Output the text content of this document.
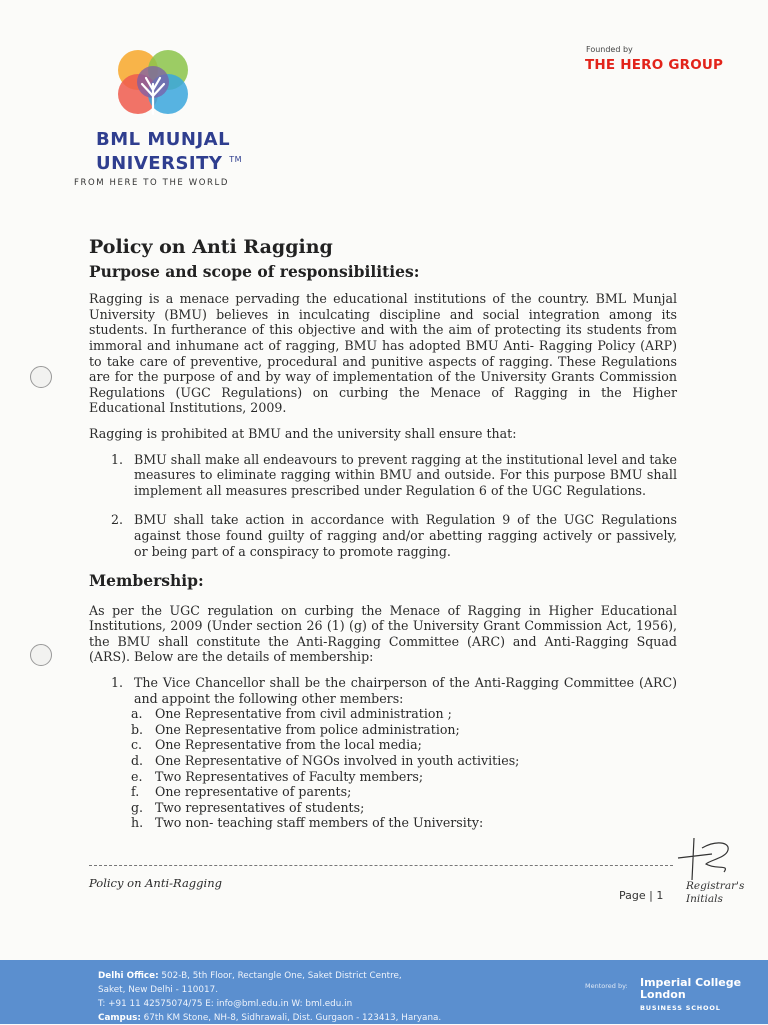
BML MUNJAL
UNIVERSITY ™
FROM HERE TO THE WORLD
Founded by
THE HERO GROUP
Policy on Anti Ragging
Purpose and scope of responsibilities:

Ragging is a menace pervading the educational institutions of the country. BML Munjal University (BMU) believes in inculcating discipline and social integration among its students. In furtherance of this objective and with the aim of protecting its students from immoral and inhumane act of ragging, BMU has adopted BMU Anti- Ragging Policy (ARP) to take care of preventive, procedural and punitive aspects of ragging. These Regulations are for the purpose of and by way of implementation of the University Grants Commission Regulations (UGC Regulations) on curbing the Menace of Ragging in the Higher Educational Institutions, 2009.

Ragging is prohibited at BMU and the university shall ensure that:

1. BMU shall make all endeavours to prevent ragging at the institutional level and take measures to eliminate ragging within BMU and outside. For this purpose BMU shall implement all measures prescribed under Regulation 6 of the UGC Regulations.
2. BMU shall take action in accordance with Regulation 9 of the UGC Regulations against those found guilty of ragging and/or abetting ragging actively or passively, or being part of a conspiracy to promote ragging.
Membership:

As per the UGC regulation on curbing the Menace of Ragging in Higher Educational Institutions, 2009 (Under section 26 (1) (g) of the University Grant Commission Act, 1956), the BMU shall constitute the Anti-Ragging Committee (ARC) and Anti-Ragging Squad (ARS). Below are the details of membership:

1. The Vice Chancellor shall be the chairperson of the Anti-Ragging Committee (ARC) and appoint the following other members:
a. One Representative from civil administration ;
b. One Representative from police administration;
c. One Representative from the local media;
d. One Representative of NGOs involved in youth activities;
e. Two Representatives of Faculty members;
f. One representative of parents;
g. Two representatives of students;
h. Two non- teaching staff members of the University:
Policy on Anti-Ragging
Page | 1
Registrar's
Initials
Delhi Office: 502-B, 5th Floor, Rectangle One, Saket District Centre,
Saket, New Delhi - 110017.
T: +91 11 42575074/75 E: info@bml.edu.in W: bml.edu.in
Campus: 67th KM Stone, NH-8, Sidhrawali, Dist. Gurgaon - 123413, Haryana.
Mentored by: Imperial College
London
BUSINESS SCHOOL
